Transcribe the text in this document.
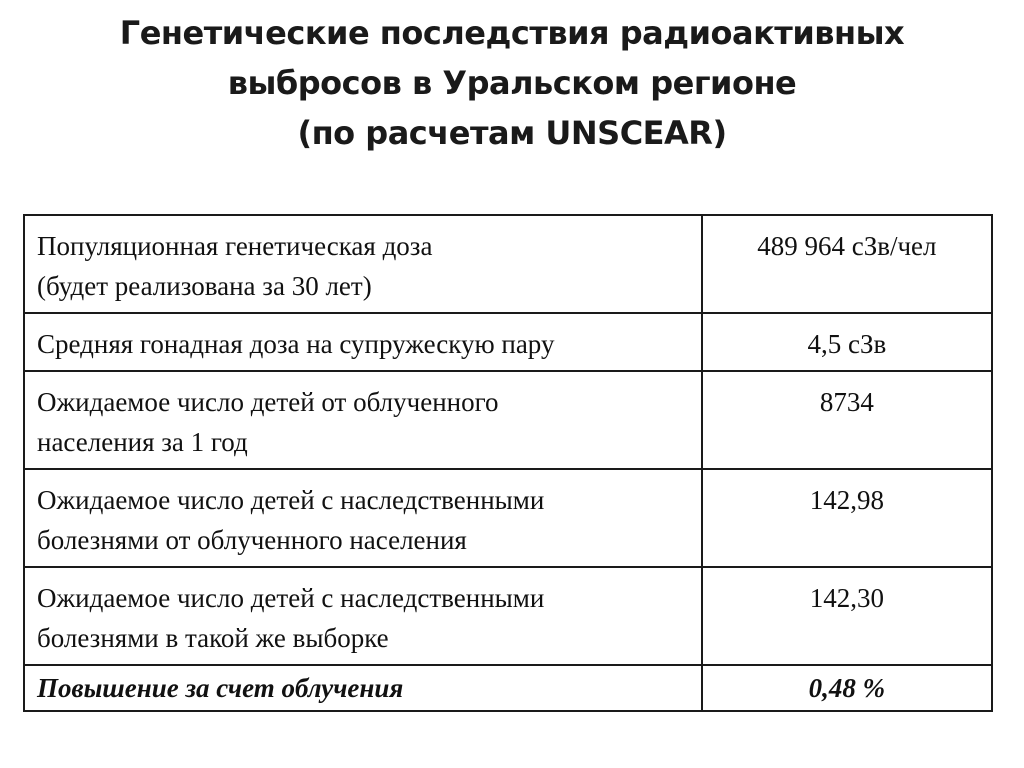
Генетические последствия радиоактивных
выбросов в Уральском регионе
(по расчетам UNSCEAR)
Популяционная генетическая доза
(будет реализована за 30 лет)	489 964 сЗв/чел

Средняя гонадная доза на супружескую пару	4,5 сЗв

Ожидаемое число детей от облученного
населения за 1 год	8734

Ожидаемое число детей с наследственными
болезнями от облученного населения	142,98

Ожидаемое число детей с наследственными
болезнями в такой же выборке	142,30

Повышение за счет облучения	0,48 %
